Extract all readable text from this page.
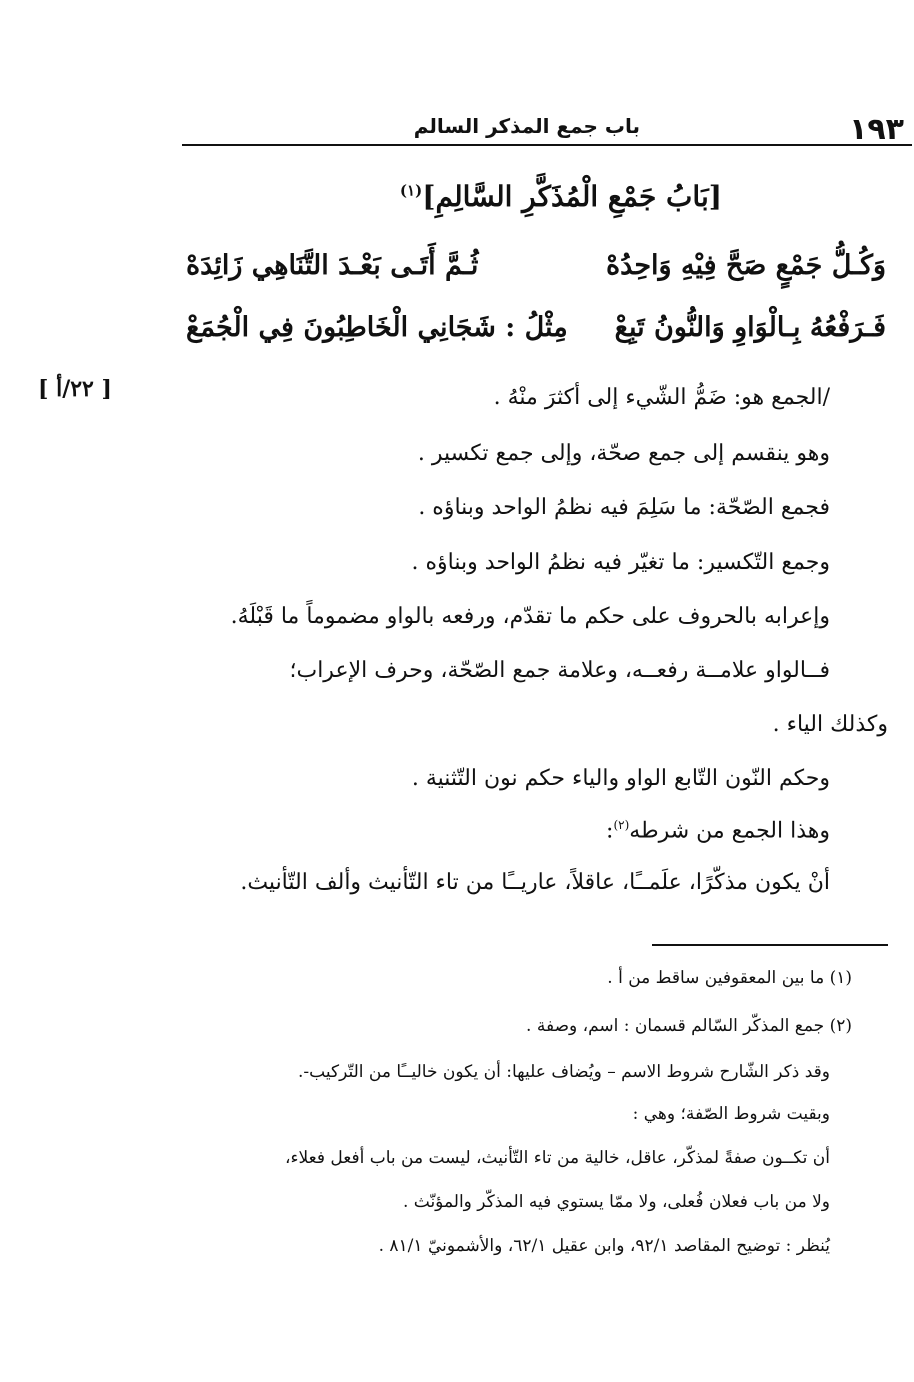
١٩٣
باب جمع المذكر السالم
[بَابُ جَمْعِ الْمُذَكَّرِ السَّالِمِ]$^{(١)}$
وَكُـلُّ جَمْعٍ صَحَّ فِيْهِ وَاحِدُهْ
ثُـمَّ أَتَـى بَعْـدَ التَّنَاهِي زَائِدَهْ
فَـرَفْعُهُ بِـالْوَاوِ وَالنُّونُ تَبِعْ
مِثْلُ : شَجَانِي الْخَاطِبُونَ فِي الْجُمَعْ
[ ٢٢/أ ]	/الجمع هو: ضَمُّ الشّيء إلى أكثرَ منْهُ .
وهو ينقسم إلى جمع صحّة، وإلى جمع تكسير .
فجمع الصّحّة: ما سَلِمَ فيه نظمُ الواحد وبناؤه .
وجمع التّكسير: ما تغيّر فيه نظمُ الواحد وبناؤه .
وإعرابه بالحروف على حكم ما تقدّم، ورفعه بالواو مضموماً ما قَبْلَهُ.
فــالواو علامــة رفعــه، وعلامة جمع الصّحّة، وحرف الإعراب؛
وكذلك الياء .
وحكم النّون التّابع الواو والياء حكم نون التّثنية .
وهذا الجمع من شرطه$^{(٢)}$:
أنْ يكون مذكّرًا، علَمــًا، عاقلاً، عاريــًا من تاء التّأنيث وألف التّأنيث.
(١) ما بين المعقوفين ساقط من أ .
(٢) جمع المذكّر السّالم قسمان : اسم، وصفة .
وقد ذكر الشّارح شروط الاسم – ويُضاف عليها: أن يكون خاليــًا من التّركيب-.
وبقيت شروط الصّفة؛ وهي :
أن تكــون صفةً لمذكّر، عاقل، خالية من تاء التّأنيث، ليست من باب أفعل فعلاء،
ولا من باب فعلان فُعلى، ولا ممّا يستوي فيه المذكّر والمؤنّث .
يُنظر : توضيح المقاصد ٩٢/١، وابن عقيل ٦٢/١، والأشمونيّ ٨١/١ .
